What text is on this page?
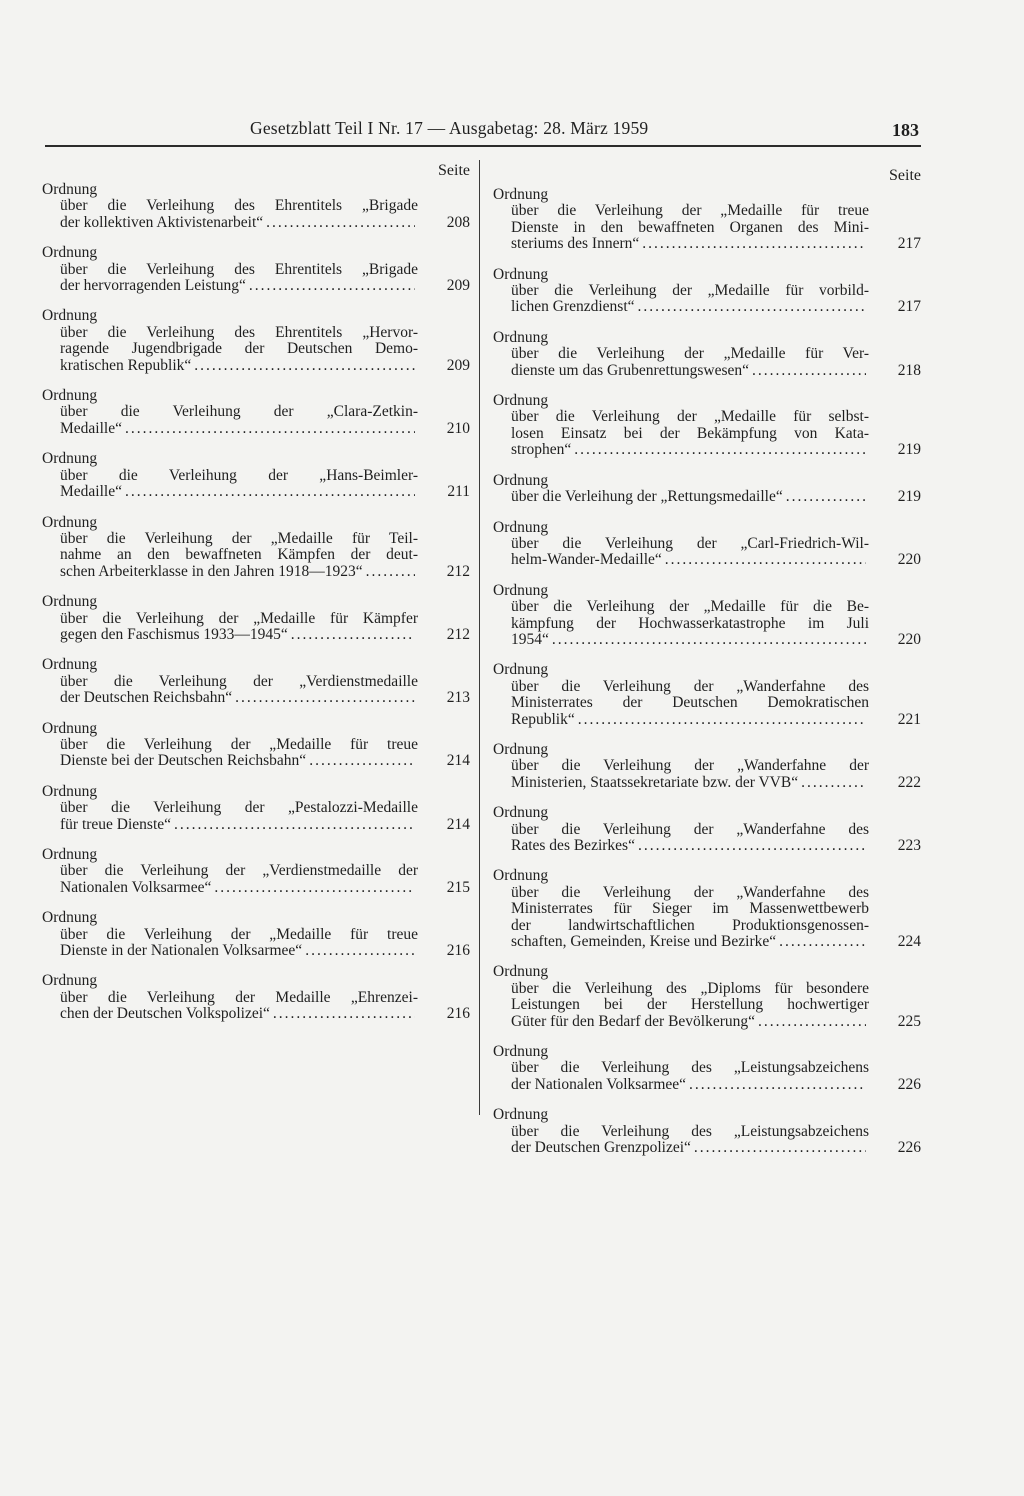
Gesetzblatt Teil I Nr. 17 — Ausgabetag: 28. März 1959	183
Seite
Ordnung
über die Verleihung des Ehrentitels „Brigade
der kollektiven Aktivistenarbeit“ .....	208
Ordnung
über die Verleihung des Ehrentitels „Brigade
der hervorragenden Leistung“ .....	209
Ordnung
über die Verleihung des Ehrentitels „Hervor-
ragende Jugendbrigade der Deutschen Demo-
kratischen Republik“ .....	209
Ordnung
über die Verleihung der „Clara-Zetkin-
Medaille“ .....	210
Ordnung
über die Verleihung der „Hans-Beimler-
Medaille“ .....	211
Ordnung
über die Verleihung der „Medaille für Teil-
nahme an den bewaffneten Kämpfen der deut-
schen Arbeiterklasse in den Jahren 1918—1923“ .....	212
Ordnung
über die Verleihung der „Medaille für Kämpfer
gegen den Faschismus 1933—1945“ .....	212
Ordnung
über die Verleihung der „Verdienstmedaille
der Deutschen Reichsbahn“ .....	213
Ordnung
über die Verleihung der „Medaille für treue
Dienste bei der Deutschen Reichsbahn“ .....	214
Ordnung
über die Verleihung der „Pestalozzi-Medaille
für treue Dienste“ .....	214
Ordnung
über die Verleihung der „Verdienstmedaille der
Nationalen Volksarmee“ .....	215
Ordnung
über die Verleihung der „Medaille für treue
Dienste in der Nationalen Volksarmee“ .....	216
Ordnung
über die Verleihung der Medaille „Ehrenzei-
chen der Deutschen Volkspolizei“ .....	216
Seite
Ordnung
über die Verleihung der „Medaille für treue
Dienste in den bewaffneten Organen des Mini-
steriums des Innern“ .....	217
Ordnung
über die Verleihung der „Medaille für vorbild-
lichen Grenzdienst“ .....	217
Ordnung
über die Verleihung der „Medaille für Ver-
dienste um das Grubenrettungswesen“ .....	218
Ordnung
über die Verleihung der „Medaille für selbst-
losen Einsatz bei der Bekämpfung von Kata-
strophen“ .....	219
Ordnung
über die Verleihung der „Rettungsmedaille“ .....	219
Ordnung
über die Verleihung der „Carl-Friedrich-Wil-
helm-Wander-Medaille“ .....	220
Ordnung
über die Verleihung der „Medaille für die Be-
kämpfung der Hochwasserkatastrophe im Juli
1954“ .....	220
Ordnung
über die Verleihung der „Wanderfahne des
Ministerrates der Deutschen Demokratischen
Republik“ .....	221
Ordnung
über die Verleihung der „Wanderfahne der
Ministerien, Staatssekretariate bzw. der VVB“ .....	222
Ordnung
über die Verleihung der „Wanderfahne des
Rates des Bezirkes“ .....	223
Ordnung
über die Verleihung der „Wanderfahne des
Ministerrates für Sieger im Massenwettbewerb
der landwirtschaftlichen Produktionsgenossen-
schaften, Gemeinden, Kreise und Bezirke“ .....	224
Ordnung
über die Verleihung des „Diploms für besondere
Leistungen bei der Herstellung hochwertiger
Güter für den Bedarf der Bevölkerung“ .....	225
Ordnung
über die Verleihung des „Leistungsabzeichens
der Nationalen Volksarmee“ .....	226
Ordnung
über die Verleihung des „Leistungsabzeichens
der Deutschen Grenzpolizei“ .....	226
